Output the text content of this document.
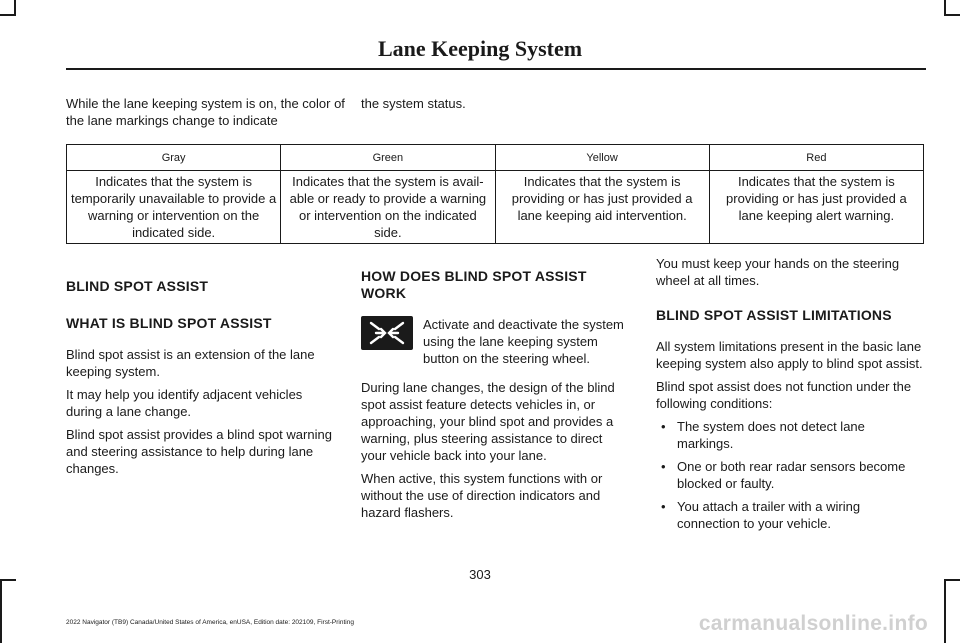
Lane Keeping System

While the lane keeping system is on, the color of the lane markings change to indicate

the system status.

Gray	Green	Yellow	Red
Indicates that the system is temporarily unavailable to provide a warning or intervention on the indicated side.	Indicates that the system is avail-able or ready to provide a warning or intervention on the indicated side.	Indicates that the system is providing or has just provided a lane keeping aid intervention.	Indicates that the system is providing or has just provided a lane keeping alert warning.

BLIND SPOT ASSIST

WHAT IS BLIND SPOT ASSIST

Blind spot assist is an extension of the lane keeping system.

It may help you identify adjacent vehicles during a lane change.

Blind spot assist provides a blind spot warning and steering assistance to help during lane changes.

HOW DOES BLIND SPOT ASSIST WORK

Activate and deactivate the system using the lane keeping system button on the steering wheel.

During lane changes, the design of the blind spot assist feature detects vehicles in, or approaching, your blind spot and provides a warning, plus steering assistance to direct your vehicle back into your lane.

When active, this system functions with or without the use of direction indicators and hazard flashers.

You must keep your hands on the steering wheel at all times.

BLIND SPOT ASSIST LIMITATIONS

All system limitations present in the basic lane keeping system also apply to blind spot assist.

Blind spot assist does not function under the following conditions:

• The system does not detect lane markings.
• One or both rear radar sensors become blocked or faulty.
• You attach a trailer with a wiring connection to your vehicle.
303
2022 Navigator (TB9) Canada/United States of America, enUSA, Edition date: 202109, First-Printing	carmanualsonline.info
